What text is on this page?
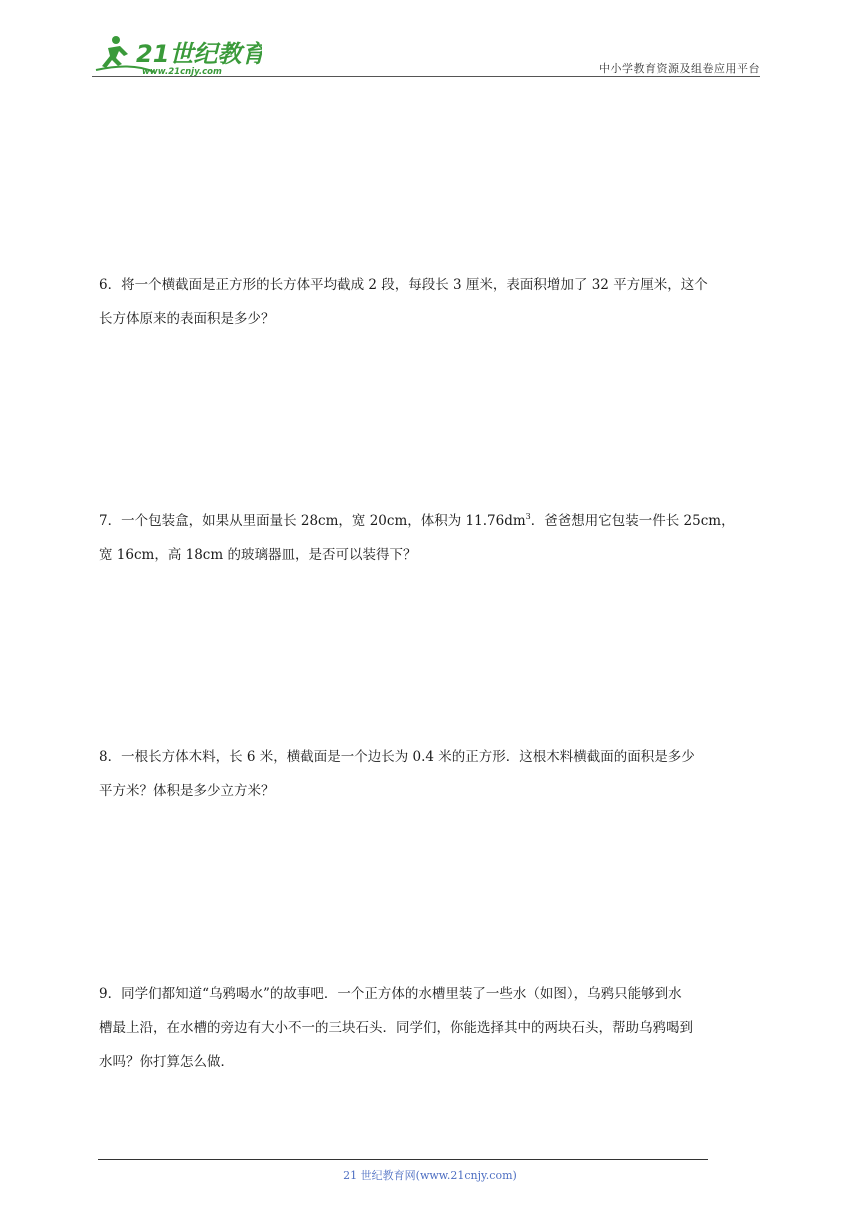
21世纪教育
www.21cnjy.com	中小学教育资源及组卷应用平台

6．将一个横截面是正方形的长方体平均截成 2 段，每段长 3 厘米，表面积增加了 32 平方厘米，这个

长方体原来的表面积是多少？

7．一个包装盒，如果从里面量长 28cm，宽 20cm，体积为 $11.76dm^3$．爸爸想用它包装一件长 25cm，

宽 16cm，高 18cm 的玻璃器皿，是否可以装得下？

8．一根长方体木料，长 6 米，横截面是一个边长为 0.4 米的正方形．这根木料横截面的面积是多少

平方米？体积是多少立方米？

9．同学们都知道“乌鸦喝水”的故事吧．一个正方体的水槽里装了一些水（如图），乌鸦只能够到水

槽最上沿，在水槽的旁边有大小不一的三块石头．同学们，你能选择其中的两块石头，帮助乌鸦喝到

水吗？你打算怎么做．

21 世纪教育网(www.21cnjy.com)
